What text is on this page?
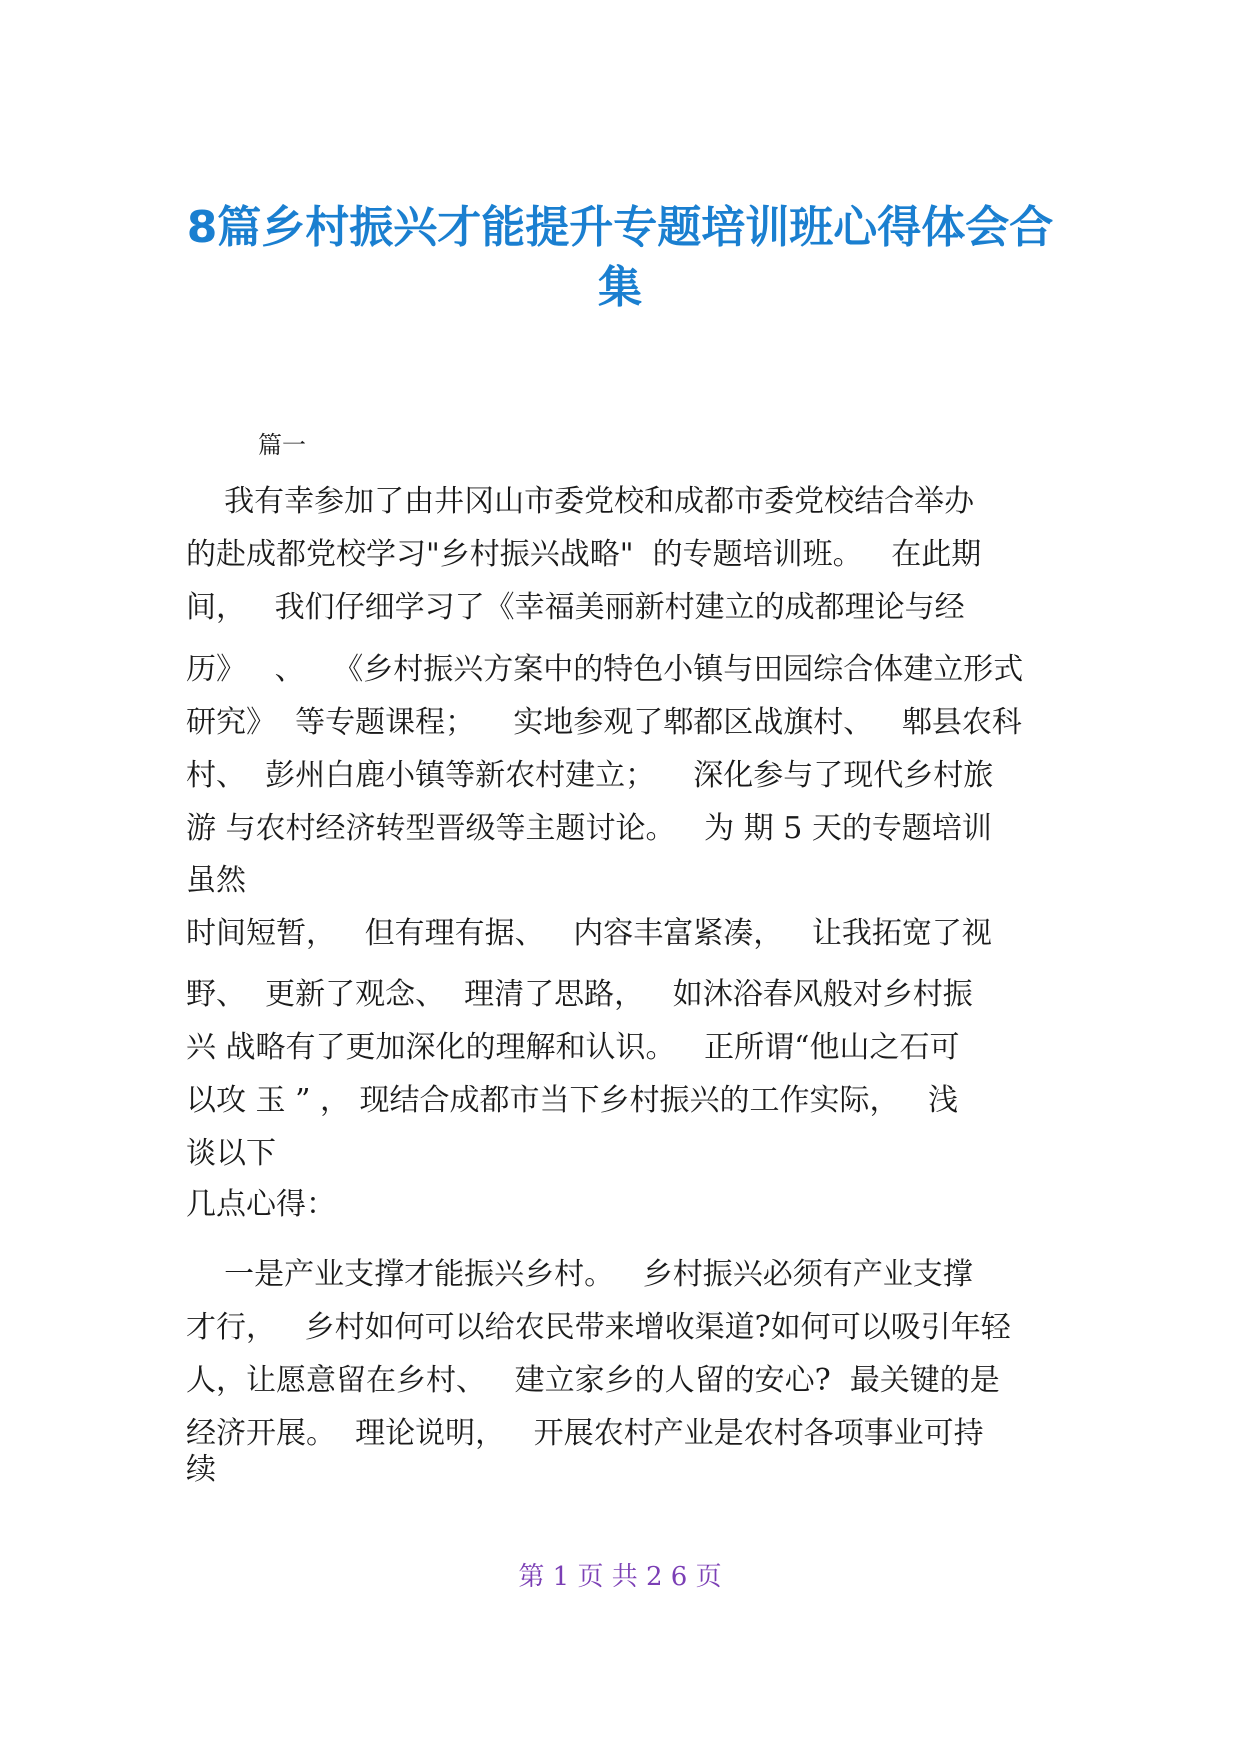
8篇乡村振兴才能提升专题培训班心得体会合
集

篇一

我有幸参加了由井冈山市委党校和成都市委党校结合举办

的赴成都党校学习"乡村振兴战略"  的专题培训班。   在此期

间，   我们仔细学习了《幸福美丽新村建立的成都理论与经

历》   、   《乡村振兴方案中的特色小镇与田园综合体建立形式

研究》  等专题课程；    实地参观了郫都区战旗村、   郫县农科

村、  彭州白鹿小镇等新农村建立；    深化参与了现代乡村旅

游 与农村经济转型晋级等主题讨论。   为 期 5 天的专题培训

虽然

时间短暂，   但有理有据、   内容丰富紧凑，   让我拓宽了视

野、  更新了观念、  理清了思路，   如沐浴春风般对乡村振

兴 战略有了更加深化的理解和认识。   正所谓“他山之石可

以攻 玉 ” ， 现结合成都市当下乡村振兴的工作实际，   浅

谈以下

几点心得：

一是产业支撑才能振兴乡村。   乡村振兴必须有产业支撑

才行，   乡村如何可以给农民带来增收渠道?如何可以吸引年轻

人，让愿意留在乡村、   建立家乡的人留的安心?  最关键的是

经济开展。  理论说明，   开展农村产业是农村各项事业可持

续

第 1 页 共 2 6 页
